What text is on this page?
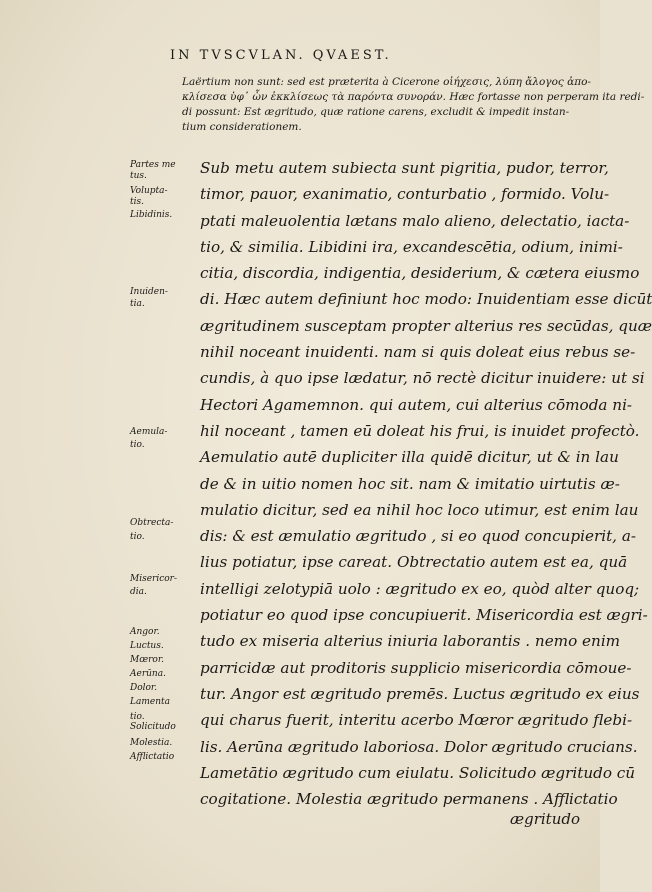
IN TVSCVLAN. QVAEST.
Laërtium non sunt: sed est præterita à Cicerone οἰήχεσις, λύπη ἄλογος ἀπο-
κλίσεσα ὑφ᾽ ὧν ἐκκλίσεως τὰ παρόντα συνοράν. Hæc fortasse non perperam ita redi-
di possunt: Est ægritudo, quæ ratione carens, excludit & impedit instan-
tium considerationem.
Partes me
tus.
Volupta-
tis.
Libidinis.
Inuiden-
tia.
Aemula-
tio.
Obtrecta-
tio.
Misericor-
dia.
Angor.
Luctus.
Mœror.
Aerūna.
Dolor.
Lamenta
tio.
Solicitudo
Molestia.
Afflictatio
Sub metu autem subiecta sunt pigritia, pudor, terror,
timor, pauor, exanimatio, conturbatio , formido. Volu-
ptati maleuolentia lætans malo alieno, delectatio, iacta-
tio, & similia. Libidini ira, excandescētia, odium, inimi-
citia, discordia, indigentia, desiderium, & cætera eiusmo
di. Hæc autem definiunt hoc modo: Inuidentiam esse dicūt
ægritudinem susceptam propter alterius res secūdas, quæ
nihil noceant inuidenti. nam si quis doleat eius rebus se-
cundis, à quo ipse lædatur, nō rectè dicitur inuidere: ut si
Hectori Agamemnon. qui autem, cui alterius cōmoda ni-
hil noceant , tamen eū doleat his frui, is inuidet profectò.
Aemulatio autē dupliciter illa quidē dicitur, ut & in lau
de & in uitio nomen hoc sit. nam & imitatio uirtutis æ-
mulatio dicitur, sed ea nihil hoc loco utimur, est enim lau
dis: & est æmulatio ægritudo , si eo quod concupierit, a-
lius potiatur, ipse careat. Obtrectatio autem est ea, quā
intelligi zelotypiā uolo : ægritudo ex eo, quòd alter quoq;
potiatur eo quod ipse concupiuerit. Misericordia est ægri-
tudo ex miseria alterius iniuria laborantis . nemo enim
parricidæ aut proditoris supplicio misericordia cōmoue-
tur. Angor est ægritudo premēs. Luctus ægritudo ex eius
qui charus fuerit, interitu acerbo Mœror ægritudo flebi-
lis. Aerūna ægritudo laboriosa. Dolor ægritudo crucians.
Lametātio ægritudo cum eiulatu. Solicitudo ægritudo cū
cogitatione. Molestia ægritudo permanens . Afflictatio
ægritudo
